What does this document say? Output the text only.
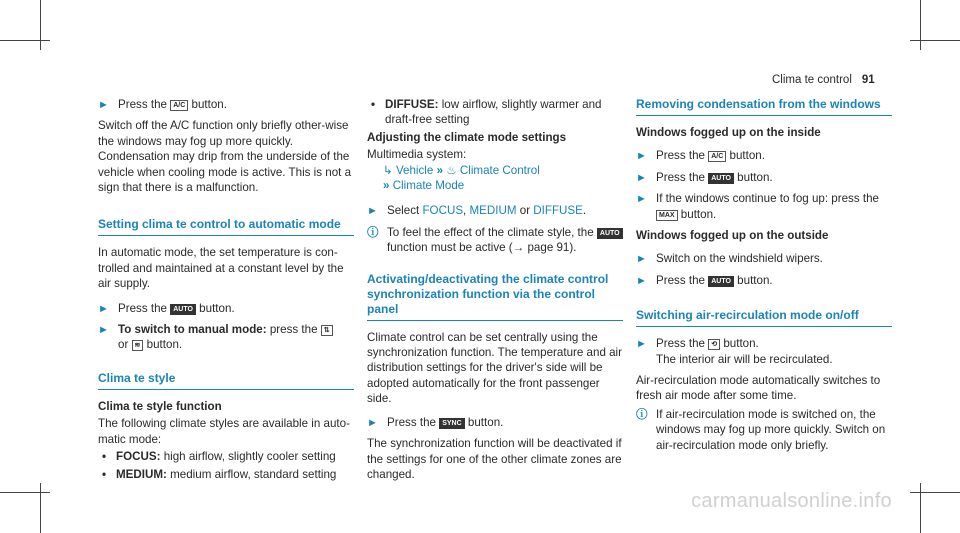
Clima te control 91
► Press the A/C button.

Switch off the A/C function only briefly other-wise the windows may fog up more quickly.

Condensation may drip from the underside of the vehicle when cooling mode is active. This is not a sign that there is a malfunction.

Setting clima te control to automatic mode

In automatic mode, the set temperature is con-trolled and maintained at a constant level by the air supply.

► Press the AUTO button.
► To switch to manual mode: press the ⇅
or ≋ button.
Clima te style
Clima te style function

The following climate styles are available in auto-matic mode:

• FOCUS: high airflow, slightly cooler setting
• MEDIUM: medium airflow, standard setting
• DIFFUSE: low airflow, slightly warmer and draft-free setting
Adjusting the climate mode settings

Multimedia system:

↳ Vehicle » ♨ Climate Control
» Climate Mode
► Select FOCUS, MEDIUM or DIFFUSE.
ⓘ To feel the effect of the climate style, the AUTO function must be active (→ page 91).
Activating/deactivating the climate control synchronization function via the control panel

Climate control can be set centrally using the synchronization function. The temperature and air distribution settings for the driver's side will be adopted automatically for the front passenger side.

► Press the SYNC button.

The synchronization function will be deactivated if the settings for one of the other climate zones are changed.

Removing condensation from the windows
Windows fogged up on the inside
► Press the A/C button.
► Press the AUTO button.
► If the windows continue to fog up: press the
MAX button.
Windows fogged up on the outside
► Switch on the windshield wipers.
► Press the AUTO button.
Switching air-recirculation mode on/off
► Press the ⟲ button.
The interior air will be recirculated.

Air-recirculation mode automatically switches to fresh air mode after some time.

ⓘ If air-recirculation mode is switched on, the windows may fog up more quickly. Switch on air-recirculation mode only briefly.
carmanualsonline.info
